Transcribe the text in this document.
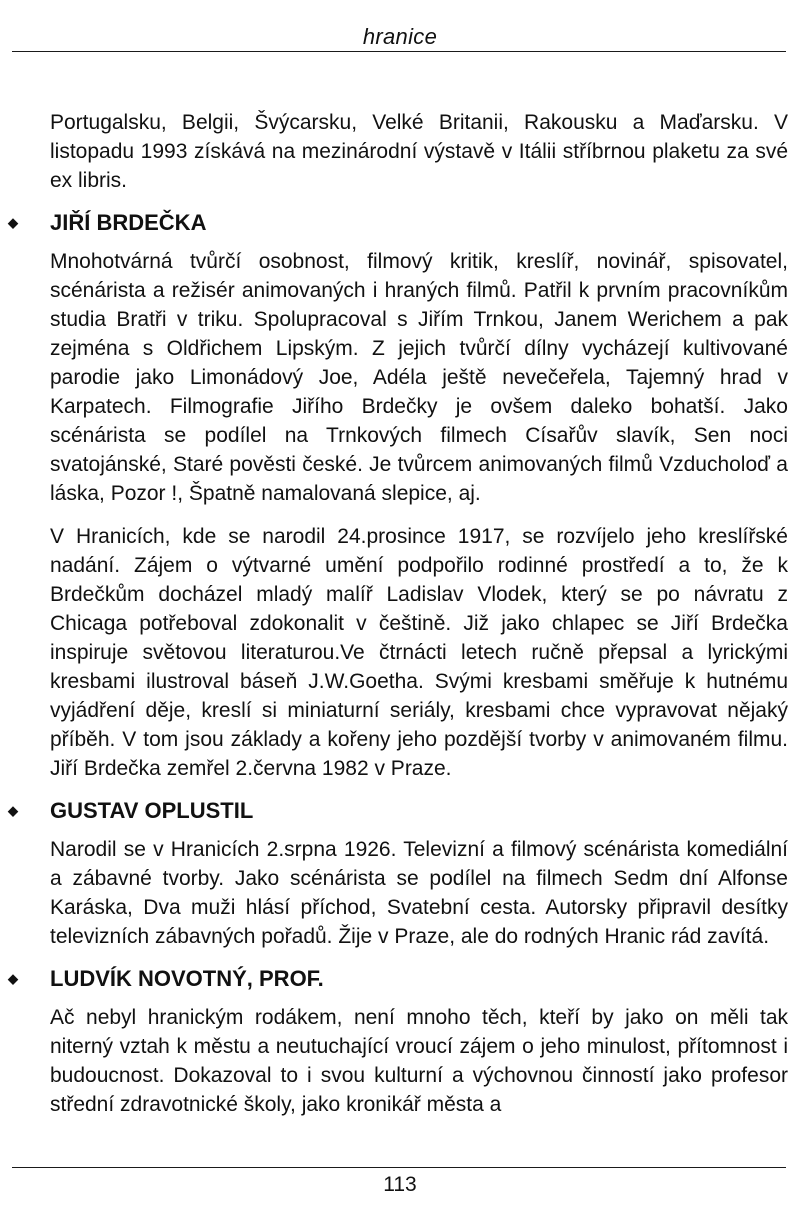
hranice

Portugalsku, Belgii, Švýcarsku, Velké Britanii, Rakousku a Maďarsku. V listopadu 1993 získává na mezinárodní výstavě v Itálii stříbrnou plaketu za své ex libris.

◆ JIŘÍ BRDEČKA

Mnohotvárná tvůrčí osobnost, filmový kritik, kreslíř, novinář, spisovatel, scénárista a režisér animovaných i hraných filmů. Patřil k prvním pracovníkům studia Bratři v triku. Spolupracoval s Jiřím Trnkou, Janem Werichem a pak zejména s Oldřichem Lipským. Z jejich tvůrčí dílny vycházejí kultivované parodie jako Limonádový Joe, Adéla ještě nevečeřela, Tajemný hrad v Karpatech. Filmografie Jiřího Brdečky je ovšem daleko bohatší. Jako scénárista se podílel na Trnkových filmech Císařův slavík, Sen noci svatojánské, Staré pověsti české. Je tvůrcem animovaných filmů Vzducholoď a láska, Pozor !, Špatně namalovaná slepice, aj.

V Hranicích, kde se narodil 24.prosince 1917, se rozvíjelo jeho kreslířské nadání. Zájem o výtvarné umění podpořilo rodinné prostředí a to, že k Brdečkům docházel mladý malíř Ladislav Vlodek, který se po návratu z Chicaga potřeboval zdokonalit v češtině. Již jako chlapec se Jiří Brdečka inspiruje světovou literaturou.Ve čtrnácti letech ručně přepsal a lyrickými kresbami ilustroval báseň J.W.Goetha. Svými kresbami směřuje k hutnému vyjádření děje, kreslí si miniaturní seriály, kresbami chce vypravovat nějaký příběh. V tom jsou základy a kořeny jeho pozdější tvorby v animovaném filmu. Jiří Brdečka zemřel 2.června 1982 v Praze.

◆ GUSTAV OPLUSTIL

Narodil se v Hranicích 2.srpna 1926. Televizní a filmový scénárista komediální a zábavné tvorby. Jako scénárista se podílel na filmech Sedm dní Alfonse Karáska, Dva muži hlásí příchod, Svatební cesta. Autorsky připravil desítky televizních zábavných pořadů. Žije v Praze, ale do rodných Hranic rád zavítá.

◆ LUDVÍK NOVOTNÝ, PROF.

Ač nebyl hranickým rodákem, není mnoho těch, kteří by jako on měli tak niterný vztah k městu a neutuchající vroucí zájem o jeho minulost, přítomnost i budoucnost. Dokazoval to i svou kulturní a výchovnou činností jako profesor střední zdravotnické školy, jako kronikář města a

113
